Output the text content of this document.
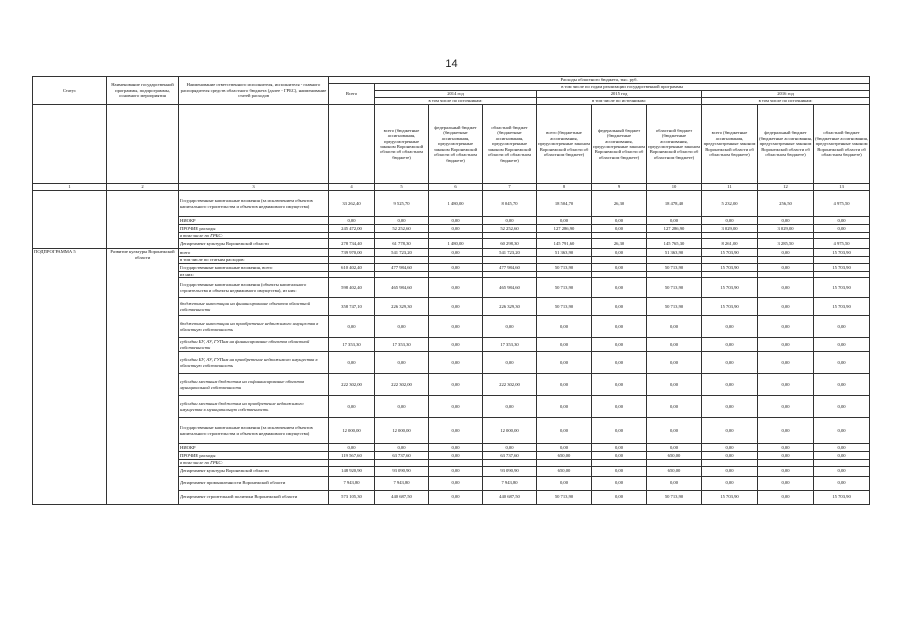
14
Статус	Наименование государственной программы, подпрограммы, основного мероприятия	Наименование ответственного исполнителя, исполнителя - главного распорядителя средств областного бюджета (далее - ГРБС), наименование статей расходов	Расходы областного бюджета, тыс. руб.									
			Всего	в том числе по годам реализации государственной программы								
				2014 год			2015 год			2016 год		
				в том числе по источникам:			в том числе по источникам:			в том числе по источникам:		
				всего (бюджетные ассигнования, предусмотренные законом Воронежской области об областном бюджете)	федеральный бюджет (бюджетные ассигнования, предусмотренные законом Воронежской области об областном бюджете)	областной бюджет (бюджетные ассигнования, предусмотренные законом Воронежской области об областном бюджете)	всего (бюджетные ассигнования, предусмотренные законом Воронежской области об областном бюджете)	федеральный бюджет (бюджетные ассигнования, предусмотренные законом Воронежской области об областном бюджете)	областной бюджет (бюджетные ассигнования, предусмотренные законом Воронежской области об областном бюджете)	всего (бюджетные ассигнования, предусмотренные законом Воронежской области об областном бюджете)	федеральный бюджет (бюджетные ассигнования, предусмотренные законом Воронежской области об областном бюджете)	областной бюджет (бюджетные ассигнования, предусмотренные законом Воронежской области об областном бюджете)
1	2	3	4	5	6	7	8	9	10	11	12	13
		Государственные капитальные вложения (за исключением объектов капитального строительства и объектов недвижимого имущества)	33 262,40	9 525,70	1 480,00	8 045,70	18 504,70	26,30	18 478,40	5 232,00	256,50	4 975,50
		НИОКР	0,00	0,00	0,00	0,00	0,00	0,00	0,00	0,00	0,00	0,00
		ПРОЧИЕ расходы	245 472,00	52 252,60	0,00	52 252,60	127 286,90	0,00	127 286,90	3 029,00	3 029,00	0,00
		в том числе по ГРБС:										
		Департамент культуры Воронежской области	278 734,40	61 778,30	1 480,00	60 298,30	145 791,60	26,30	145 765,30	8 261,00	3 285,50	4 975,50
ПОДПРОГРАММА 5	Развитие культуры Воронежской области	всего	739 970,00	541 723,20	0,00	541 723,20	51 363,90	0,00	51 363,90	15 703,90	0,00	15 703,90
		в том числе по статьям расходов:										
		Государственные капитальные вложения, всего	610 402,40	477 984,60	0,00	477 984,60	50 713,90	0,00	50 713,90	15 703,90	0,00	15 703,90
		из них:										
		Государственные капитальные вложения (объекты капитального строительства и объекты недвижимого имущества), из них:	598 402,40	465 984,60	0,00	465 984,60	50 713,90	0,00	50 713,90	15 703,90	0,00	15 703,90
		бюджетные инвестиции на финансирование объектов областной собственности	358 747,10	226 329,30	0,00	226 329,30	50 713,90	0,00	50 713,90	15 703,90	0,00	15 703,90
		бюджетные инвестиции на приобретение недвижимого имущества в областную собственность	0,00	0,00	0,00	0,00	0,00	0,00	0,00	0,00	0,00	0,00
		субсидии БУ, АУ, ГУПам на финансирование объектов областной собственности	17 353,30	17 353,30	0,00	17 353,30	0,00	0,00	0,00	0,00	0,00	0,00
		субсидии БУ, АУ, ГУПам на приобретение недвижимого имущества в областную собственность	0,00	0,00	0,00	0,00	0,00	0,00	0,00	0,00	0,00	0,00
		субсидии местным бюджетам на софинансирование объектов муниципальной собственности	222 302,00	222 302,00	0,00	222 302,00	0,00	0,00	0,00	0,00	0,00	0,00
		субсидии местным бюджетам на приобретение недвижимого имущества в муниципальную собственность	0,00	0,00	0,00	0,00	0,00	0,00	0,00	0,00	0,00	0,00
		Государственные капитальные вложения (за исключением объектов капитального строительства и объектов недвижимого имущества)	12 000,00	12 000,00	0,00	12 000,00	0,00	0,00	0,00	0,00	0,00	0,00
		НИОКР	0,00	0,00	0,00	0,00	0,00	0,00	0,00	0,00	0,00	0,00
		ПРОЧИЕ расходы	119 567,60	63 737,60	0,00	63 737,60	650,00	0,00	650,00	0,00	0,00	0,00
		в том числе по ГРБС:										
		Департамент культуры Воронежской области	148 920,90	93 090,90	0,00	93 090,90	650,00	0,00	650,00	0,00	0,00	0,00
		Департамент промышленности Воронежской области	7 943,80	7 943,80	0,00	7 943,80	0,00	0,00	0,00	0,00	0,00	0,00
		Департамент строительной политики Воронежской области	573 105,30	440 687,50	0,00	440 687,50	50 713,90	0,00	50 713,90	15 703,90	0,00	15 703,90
